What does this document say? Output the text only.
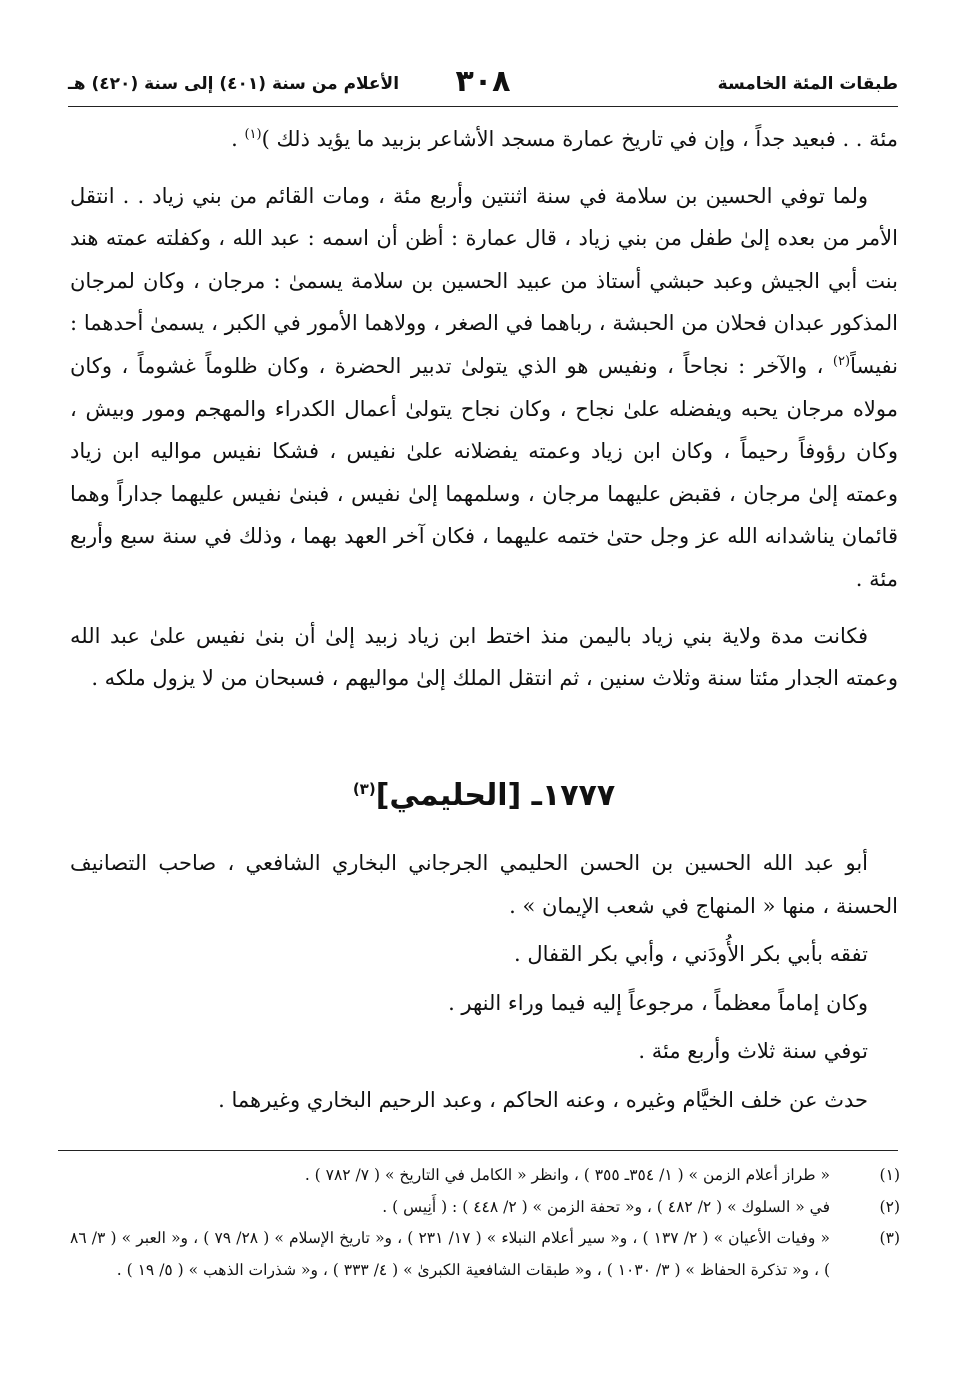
طبقات المئة الخامسة
٣٠٨
الأعلام من سنة (٤٠١) إلى سنة (٤٢٠) هـ

مئة . . فبعيد جداً ، وإن في تاريخ عمارة مسجد الأشاعر بزبيد ما يؤيد ذلك )$^{(١)}$ .

ولما توفي الحسين بن سلامة في سنة اثنتين وأربع مئة ، ومات القائم من بني زياد . . انتقل الأمر من بعده إلىٰ طفل من بني زياد ، قال عمارة : أظن أن اسمه : عبد الله ، وكفلته عمته هند بنت أبي الجيش وعبد حبشي أستاذ من عبيد الحسين بن سلامة يسمىٰ : مرجان ، وكان لمرجان المذكور عبدان فحلان من الحبشة ، رباهما في الصغر ، وولاهما الأمور في الكبر ، يسمىٰ أحدهما : نفيساً$^{(٢)}$ ، والآخر : نجاحاً ، ونفيس هو الذي يتولىٰ تدبير الحضرة ، وكان ظلوماً غشوماً ، وكان مولاه مرجان يحبه ويفضله علىٰ نجاح ، وكان نجاح يتولىٰ أعمال الكدراء والمهجم ومور وبيش ، وكان رؤوفاً رحيماً ، وكان ابن زياد وعمته يفضلانه علىٰ نفيس ، فشكا نفيس مواليه ابن زياد وعمته إلىٰ مرجان ، فقبض عليهما مرجان ، وسلمهما إلىٰ نفيس ، فبنىٰ نفيس عليهما جداراً وهما قائمان يناشدانه الله عز وجل حتىٰ ختمه عليهما ، فكان آخر العهد بهما ، وذلك في سنة سبع وأربع مئة .

فكانت مدة ولاية بني زياد باليمن منذ اختط ابن زياد زبيد إلىٰ أن بنىٰ نفيس علىٰ عبد الله وعمته الجدار مئتا سنة وثلاث سنين ، ثم انتقل الملك إلىٰ مواليهم ، فسبحان من لا يزول ملكه .

١٧٧٧ـ [الحليمي]$^{(٣)}$

أبو عبد الله الحسين بن الحسن الحليمي الجرجاني البخاري الشافعي ، صاحب التصانيف الحسنة ، منها « المنهاج في شعب الإيمان » .

تفقه بأبي بكر الأُودَني ، وأبي بكر القفال .

وكان إماماً معظماً ، مرجوعاً إليه فيما وراء النهر .

توفي سنة ثلاث وأربع مئة .

حدث عن خلف الخيَّام وغيره ، وعنه الحاكم ، وعبد الرحيم البخاري وغيرهما .

(١)
« طراز أعلام الزمن » ( ١/ ٣٥٤ـ ٣٥٥ ) ، وانظر « الكامل في التاريخ » ( ٧/ ٧٨٢ ) .
(٢)
في « السلوك » ( ٢/ ٤٨٢ ) ، و« تحفة الزمن » ( ٢/ ٤٤٨ ) : ( أَنِيس ) .
(٣)
« وفيات الأعيان » ( ٢/ ١٣٧ ) ، و« سير أعلام النبلاء » ( ١٧/ ٢٣١ ) ، و« تاريخ الإسلام » ( ٢٨/ ٧٩ ) ، و« العبر » ( ٣/ ٨٦ ) ، و« تذكرة الحفاظ » ( ٣/ ١٠٣٠ ) ، و« طبقات الشافعية الكبرىٰ » ( ٤/ ٣٣٣ ) ، و« شذرات الذهب » ( ٥/ ١٩ ) .
